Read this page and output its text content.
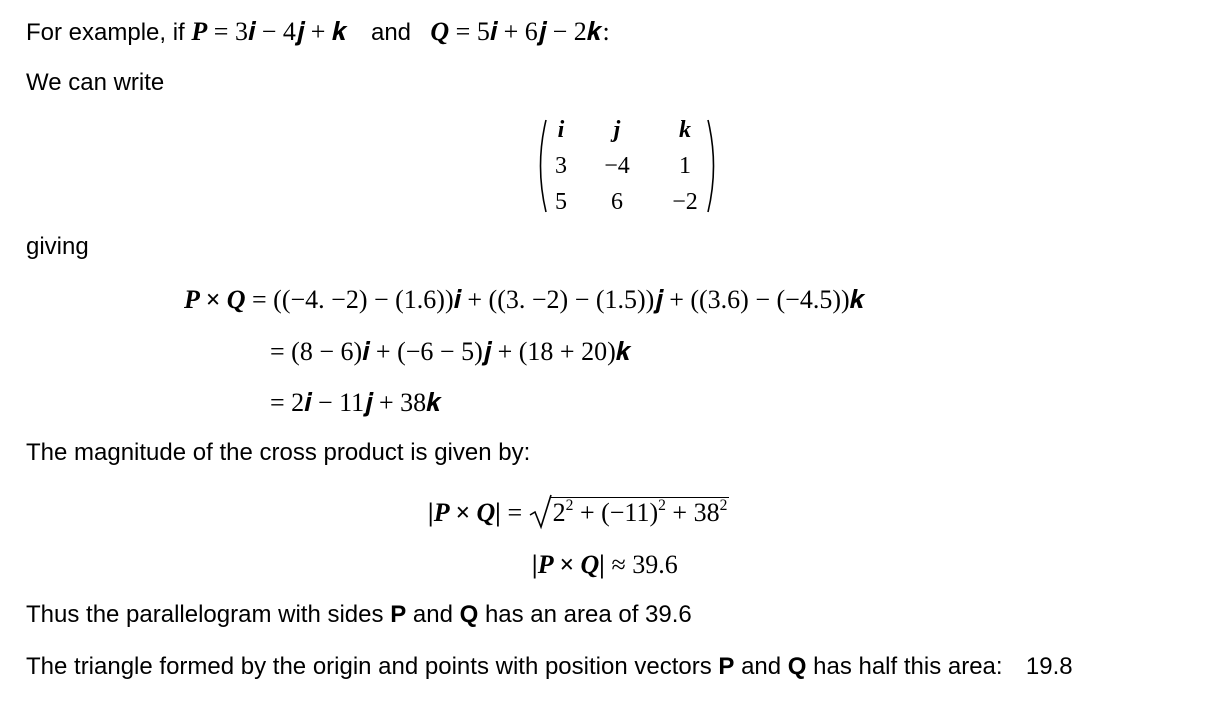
For example, if P = 3𝒊 − 4𝒋 + 𝒌 and Q = 5𝒊 + 6𝒋 − 2𝒌:
We can write
i	j	k
3	−4	1
5	6	−2
giving
P × Q = ((−4. −2) − (1.6))𝒊 + ((3. −2) − (1.5))𝒋 + ((3.6) − (−4.5))𝒌
= (8 − 6)𝒊 + (−6 − 5)𝒋 + (18 + 20)𝒌
= 2𝒊 − 11𝒋 + 38𝒌
The magnitude of the cross product is given by:
$|P \times Q| = 2^2 + (-11)^2 + 38^2$
|P × Q| ≈ 39.6
Thus the parallelogram with sides P and Q has an area of 39.6
The triangle formed by the origin and points with position vectors P and Q has half this area: 19.8
